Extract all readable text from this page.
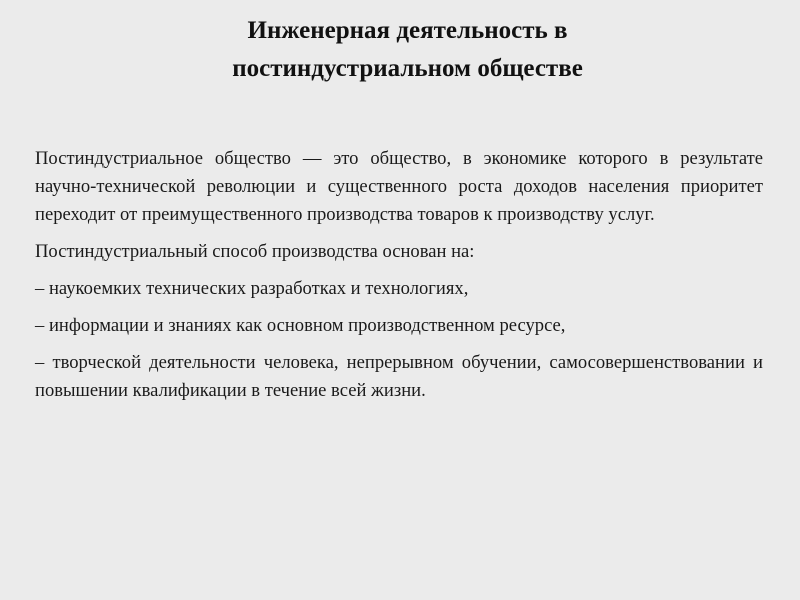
Инженерная деятельность в
постиндустриальном обществе

Постиндустриальное общество — это общество, в экономике которого в результате научно-технической революции и существенного роста доходов населения приоритет переходит от преимущественного производства товаров к производству услуг.

Постиндустриальный способ производства основан на:

– наукоемких технических разработках и технологиях,

– информации и знаниях как основном производственном ресурсе,

– творческой деятельности человека, непрерывном обучении, самосовершенствовании и повышении квалификации в течение всей жизни.
